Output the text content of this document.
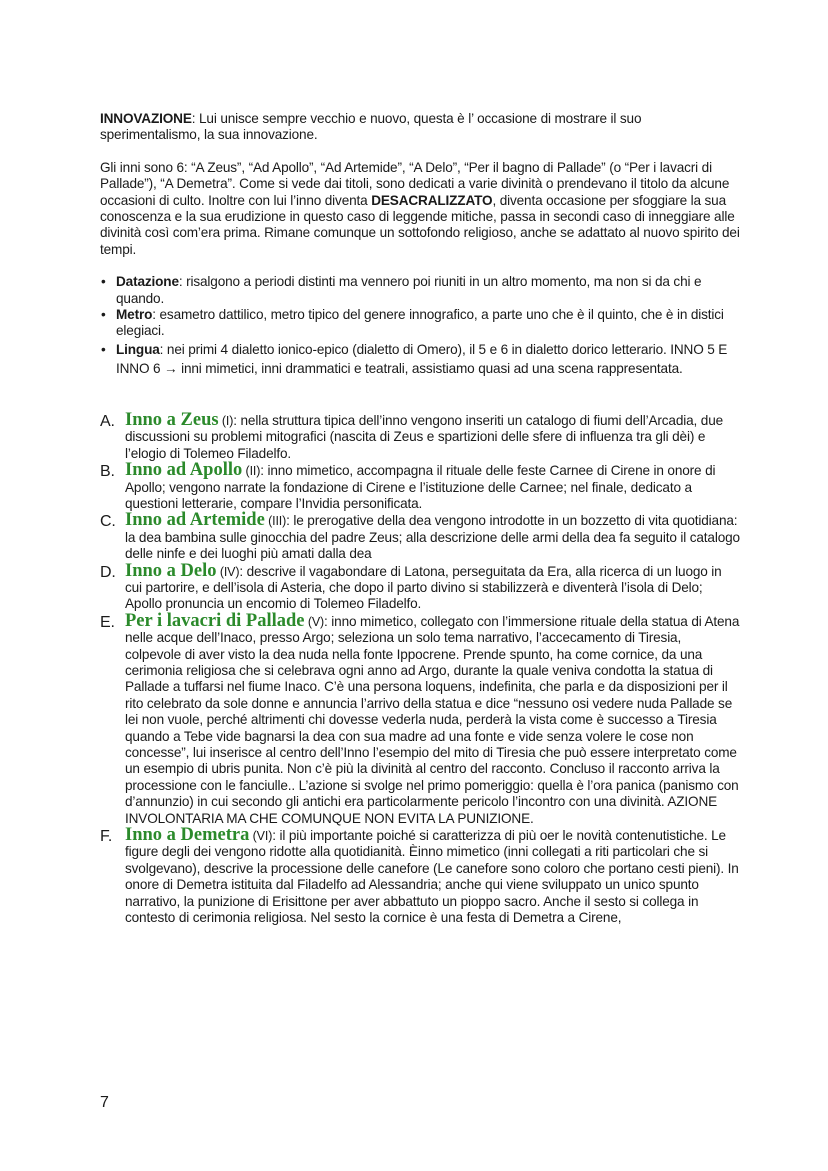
INNOVAZIONE: Lui unisce sempre vecchio e nuovo, questa è l’ occasione di mostrare il suo sperimentalismo, la sua innovazione.

Gli inni sono 6: “A Zeus”, “Ad Apollo”, “Ad Artemide”, “A Delo”, “Per il bagno di Pallade” (o “Per i lavacri di Pallade”), “A Demetra”. Come si vede dai titoli, sono dedicati a varie divinità o prendevano il titolo da alcune occasioni di culto. Inoltre con lui l’inno diventa DESACRALIZZATO, diventa occasione per sfoggiare la sua conoscenza e la sua erudizione in questo caso di leggende mitiche, passa in secondi caso di inneggiare alle divinità così com’era prima. Rimane comunque un sottofondo religioso, anche se adattato al nuovo spirito dei tempi.

• Datazione: risalgono a periodi distinti ma vennero poi riuniti in un altro momento, ma non si da chi e quando.
• Metro: esametro dattilico, metro tipico del genere innografico, a parte uno che è il quinto, che è in distici elegiaci.
• Lingua: nei primi 4 dialetto ionico-epico (dialetto di Omero), il 5 e 6 in dialetto dorico letterario. INNO 5 E INNO 6 → inni mimetici, inni drammatici e teatrali, assistiamo quasi ad una scena rappresentata.
A. Inno a Zeus (I): nella struttura tipica dell’inno vengono inseriti un catalogo di fiumi dell’Arcadia, due discussioni su problemi mitografici (nascita di Zeus e spartizioni delle sfere di influenza tra gli dèi) e l’elogio di Tolemeo Filadelfo.
B. Inno ad Apollo (II): inno mimetico, accompagna il rituale delle feste Carnee di Cirene in onore di Apollo; vengono narrate la fondazione di Cirene e l’istituzione delle Carnee; nel finale, dedicato a questioni letterarie, compare l’Invidia personificata.
C. Inno ad Artemide (III): le prerogative della dea vengono introdotte in un bozzetto di vita quotidiana: la dea bambina sulle ginocchia del padre Zeus; alla descrizione delle armi della dea fa seguito il catalogo delle ninfe e dei luoghi più amati dalla dea
D. Inno a Delo (IV): descrive il vagabondare di Latona, perseguitata da Era, alla ricerca di un luogo in cui partorire, e dell’isola di Asteria, che dopo il parto divino si stabilizzerà e diventerà l’isola di Delo; Apollo pronuncia un encomio di Tolemeo Filadelfo.
E. Per i lavacri di Pallade (V): inno mimetico, collegato con l’immersione rituale della statua di Atena nelle acque dell’Inaco, presso Argo; seleziona un solo tema narrativo, l’accecamento di Tiresia, colpevole di aver visto la dea nuda nella fonte Ippocrene. Prende spunto, ha come cornice, da una cerimonia religiosa che si celebrava ogni anno ad Argo, durante la quale veniva condotta la statua di Pallade a tuffarsi nel fiume Inaco. C’è una persona loquens, indefinita, che parla e da disposizioni per il rito celebrato da sole donne e annuncia l’arrivo della statua e dice “nessuno osi vedere nuda Pallade se lei non vuole, perché altrimenti chi dovesse vederla nuda, perderà la vista come è successo a Tiresia quando a Tebe vide bagnarsi la dea con sua madre ad una fonte e vide senza volere le cose non concesse”, lui inserisce al centro dell’Inno l’esempio del mito di Tiresia che può essere interpretato come un esempio di ubris punita. Non c’è più la divinità al centro del racconto. Concluso il racconto arriva la processione con le fanciulle.. L’azione si svolge nel primo pomeriggio: quella è l’ora panica (panismo con d’annunzio) in cui secondo gli antichi era particolarmente pericolo l’incontro con una divinità. AZIONE INVOLONTARIA MA CHE COMUNQUE NON EVITA LA PUNIZIONE.
F. Inno a Demetra (VI): il più importante poiché si caratterizza di più oer le novità contenutistiche. Le figure degli dei vengono ridotte alla quotidianità. Èinno mimetico (inni collegati a riti particolari che si svolgevano), descrive la processione delle canefore (Le canefore sono coloro che portano cesti pieni). In onore di Demetra istituita dal Filadelfo ad Alessandria; anche qui viene sviluppato un unico spunto narrativo, la punizione di Erisittone per aver abbattuto un pioppo sacro. Anche il sesto si collega in contesto di cerimonia religiosa. Nel sesto la cornice è una festa di Demetra a Cirene,
7
